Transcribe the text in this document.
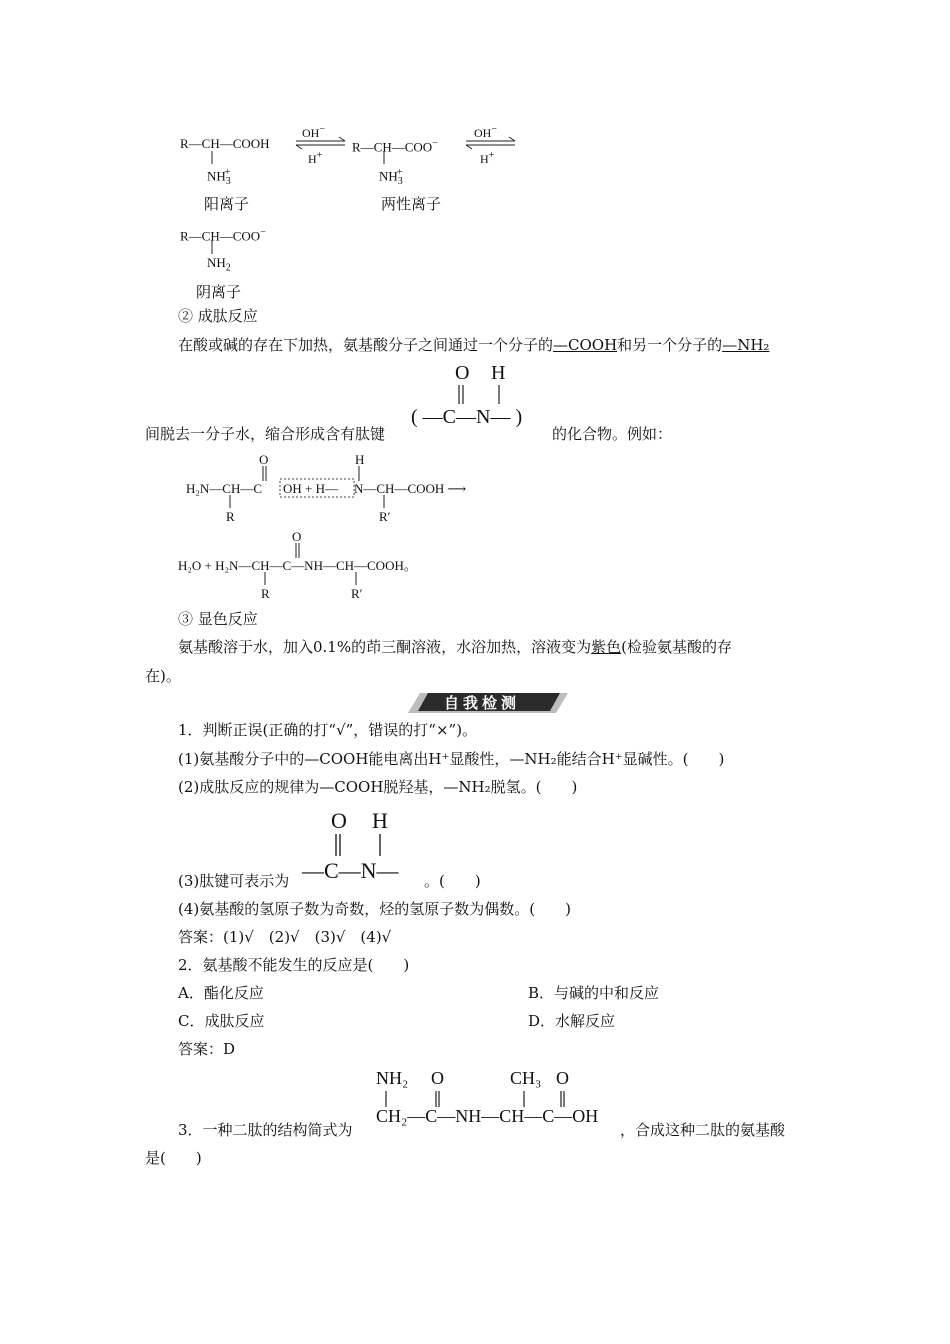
R—CH—COOH
$NH_3^+$
阳离子
OH−
H+
R—CH—COO−
$NH_3^+$
两性离子
OH−
H+
R—CH—COO−
$NH_2$
阴离子
② 成肽反应
在酸或碱的存在下加热，氨基酸分子之间通过一个分子的—COOH和另一个分子的—NH₂
O H
间脱去一分子水，缩合形成含有肽键
( —C—N— )
的化合物。例如：
O	H
H₂N—CH—C OH + H— N—CH—COOH ⟶
R	R′
O
H₂O + H₂N—CH—C—NH—CH—COOH。
R	R′
③ 显色反应
氨基酸溶于水，加入0.1%的茚三酮溶液，水浴加热，溶液变为紫色(检验氨基酸的存
在)。
自我检测
1．判断正误(正确的打“√”，错误的打“×”)。
(1)氨基酸分子中的—COOH能电离出H⁺显酸性，—NH₂能结合H⁺显碱性。(　　)
(2)成肽反应的规律为—COOH脱羟基，—NH₂脱氢。(　　)
O H
(3)肽键可表示为 —C—N— 。(　　)
(4)氨基酸的氢原子数为奇数，烃的氢原子数为偶数。(　　)
答案：(1)√　(2)√　(3)√　(4)√
2．氨基酸不能发生的反应是(　　)
A．酯化反应	B．与碱的中和反应
C．成肽反应	D．水解反应
答案：D
NH₂ O	CH₃ O
3．一种二肽的结构简式为
CH₂—C—NH—CH—C—OH
，合成这种二肽的氨基酸
是(　　)
